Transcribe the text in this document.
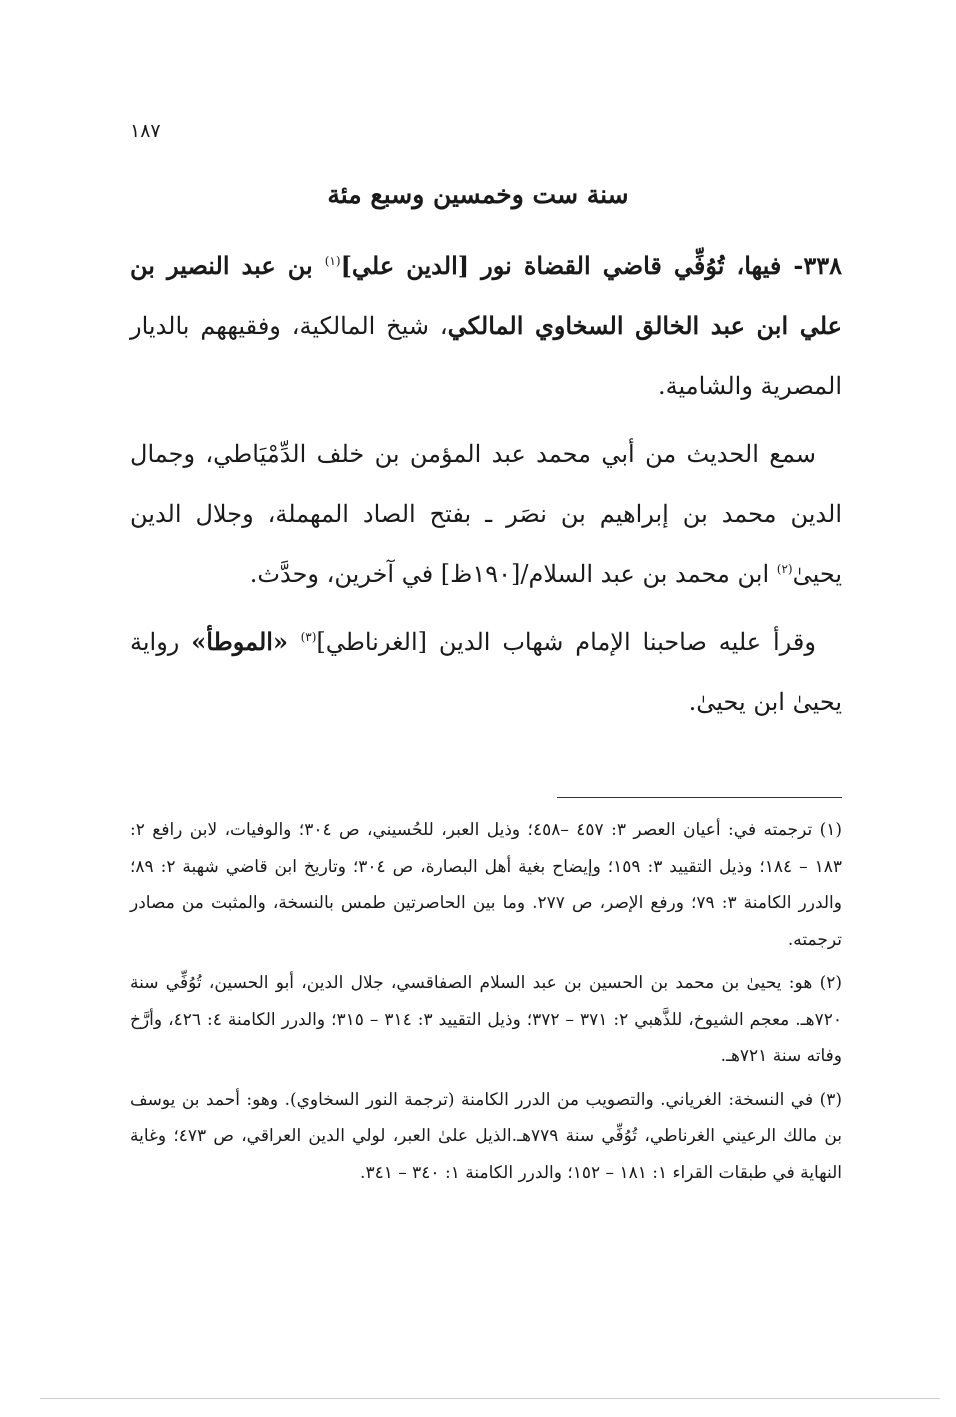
١٨٧
سنة ست وخمسين وسبع مئة

٣٣٨- فيها، تُوُفِّي قاضي القضاة نور [الدين علي]$^{(١)}$ بن عبد النصير بن علي ابن عبد الخالق السخاوي المالكي، شيخ المالكية، وفقيههم بالديار المصرية والشامية.

سمع الحديث من أبي محمد عبد المؤمن بن خلف الدِّمْيَاطي، وجمال الدين محمد بن إبراهيم بن نصَر ـ بفتح الصاد المهملة، وجلال الدين يحيىٰ$^{(٢)}$ ابن محمد بن عبد السلام/[١٩٠ظ] في آخرين، وحدَّث.

وقرأ عليه صاحبنا الإمام شهاب الدين [الغرناطي]$^{(٣)}$ «الموطأ» رواية يحيىٰ ابن يحيىٰ.

(١) ترجمته في: أعيان العصر ٣: ٤٥٧ –٤٥٨؛ وذيل العبر، للحُسيني، ص ٣٠٤؛ والوفيات، لابن رافع ٢: ١٨٣ – ١٨٤؛ وذيل التقييد ٣: ١٥٩؛ وإيضاح بغية أهل البصارة، ص ٣٠٤؛ وتاريخ ابن قاضي شهبة ٢: ٨٩؛ والدرر الكامنة ٣: ٧٩؛ ورفع الإصر، ص ٢٧٧. وما بين الحاصرتين طمس بالنسخة، والمثبت من مصادر ترجمته.

(٢) هو: يحيىٰ بن محمد بن الحسين بن عبد السلام الصفاقسي، جلال الدين، أبو الحسين، تُوُفِّي سنة ٧٢٠هـ. معجم الشيوخ، للذَّهبي ٢: ٣٧١ – ٣٧٢؛ وذيل التقييد ٣: ٣١٤ – ٣١٥؛ والدرر الكامنة ٤: ٤٢٦، وأرَّخ وفاته سنة ٧٢١هـ.

(٣) في النسخة: الغرياني. والتصويب من الدرر الكامنة (ترجمة النور السخاوي). وهو: أحمد بن يوسف بن مالك الرعيني الغرناطي، تُوُفِّي سنة ٧٧٩هـ.الذيل علىٰ العبر، لولي الدين العراقي، ص ٤٧٣؛ وغاية النهاية في طبقات القراء ١: ١٨١ – ١٥٢؛ والدرر الكامنة ١: ٣٤٠ – ٣٤١.
